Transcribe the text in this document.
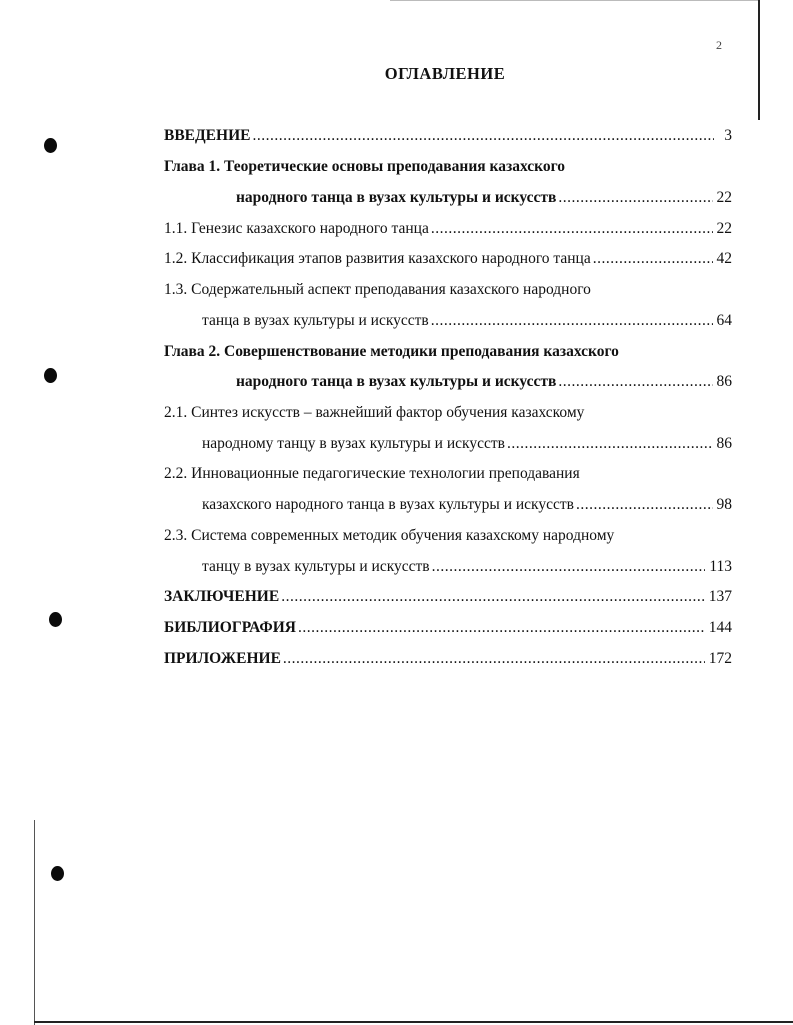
2
ОГЛАВЛЕНИЕ
ВВЕДЕНИЕ .....	3
Глава 1. Теоретические основы преподавания казахского
народного танца в вузах культуры и искусств .....	22
1.1. Генезис казахского народного танца .....	22
1.2. Классификация этапов развития казахского народного танца .....	42
1.3. Содержательный аспект преподавания казахского народного
танца в вузах культуры и искусств .....	64
Глава 2. Совершенствование методики преподавания казахского
народного танца в вузах культуры и искусств .....	86
2.1. Синтез искусств – важнейший фактор обучения казахскому
народному танцу в вузах культуры и искусств .....	86
2.2. Инновационные педагогические технологии преподавания
казахского народного танца в вузах культуры и искусств .....	98
2.3. Система современных методик обучения казахскому народному
танцу в вузах культуры и искусств .....	113
ЗАКЛЮЧЕНИЕ .....	137
БИБЛИОГРАФИЯ .....	144
ПРИЛОЖЕНИЕ .....	172
